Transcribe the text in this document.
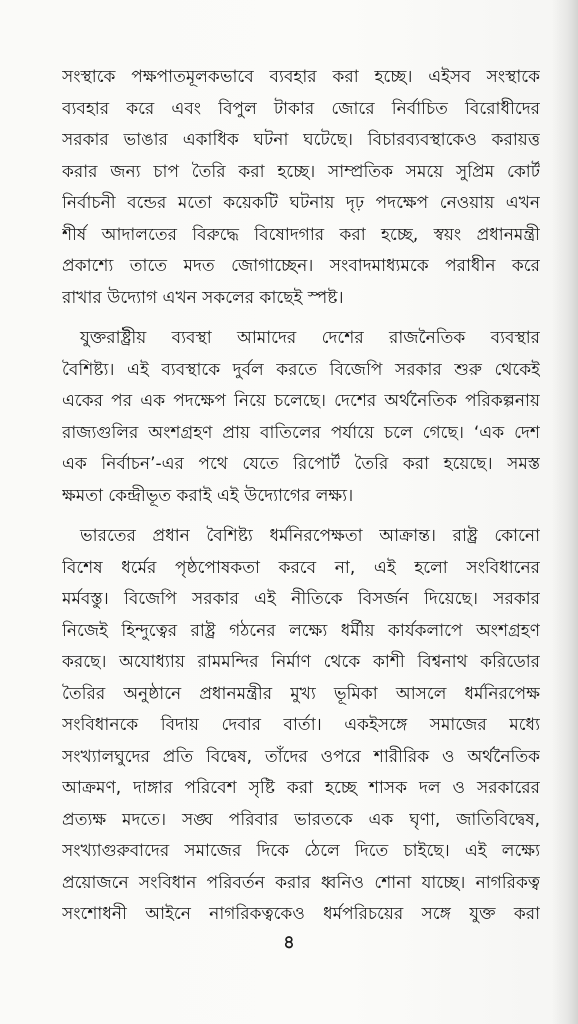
সংস্থাকে পক্ষপাতমূলকভাবে ব্যবহার করা হচ্ছে। এইসব সংস্থাকে
ব্যবহার করে এবং বিপুল টাকার জোরে নির্বাচিত বিরোধীদের
সরকার ভাঙার একাধিক ঘটনা ঘটেছে। বিচারব্যবস্থাকেও করায়ত্ত
করার জন্য চাপ তৈরি করা হচ্ছে। সাম্প্রতিক সময়ে সুপ্রিম কোর্ট
নির্বাচনী বন্ডের মতো কয়েকটি ঘটনায় দৃঢ় পদক্ষেপ নেওয়ায় এখন
শীর্ষ আদালতের বিরুদ্ধে বিষোদগার করা হচ্ছে, স্বয়ং প্রধানমন্ত্রী
প্রকাশ্যে তাতে মদত জোগাচ্ছেন। সংবাদমাধ্যমকে পরাধীন করে
রাখার উদ্যোগ এখন সকলের কাছেই স্পষ্ট।
যুক্তরাষ্ট্রীয় ব্যবস্থা আমাদের দেশের রাজনৈতিক ব্যবস্থার
বৈশিষ্ট্য। এই ব্যবস্থাকে দুর্বল করতে বিজেপি সরকার শুরু থেকেই
একের পর এক পদক্ষেপ নিয়ে চলেছে। দেশের অর্থনৈতিক পরিকল্পনায়
রাজ্যগুলির অংশগ্রহণ প্রায় বাতিলের পর্যায়ে চলে গেছে। ‘এক দেশ
এক নির্বাচন’-এর পথে যেতে রিপোর্ট তৈরি করা হয়েছে। সমস্ত
ক্ষমতা কেন্দ্রীভূত করাই এই উদ্যোগের লক্ষ্য।
ভারতের প্রধান বৈশিষ্ট্য ধর্মনিরপেক্ষতা আক্রান্ত। রাষ্ট্র কোনো
বিশেষ ধর্মের পৃষ্ঠপোষকতা করবে না, এই হলো সংবিধানের
মর্মবস্তু। বিজেপি সরকার এই নীতিকে বিসর্জন দিয়েছে। সরকার
নিজেই হিন্দুত্বের রাষ্ট্র গঠনের লক্ষ্যে ধর্মীয় কার্যকলাপে অংশগ্রহণ
করছে। অযোধ্যায় রামমন্দির নির্মাণ থেকে কাশী বিশ্বনাথ করিডোর
তৈরির অনুষ্ঠানে প্রধানমন্ত্রীর মুখ্য ভূমিকা আসলে ধর্মনিরপেক্ষ
সংবিধানকে বিদায় দেবার বার্তা। একইসঙ্গে সমাজের মধ্যে
সংখ্যালঘুদের প্রতি বিদ্বেষ, তাঁদের ওপরে শারীরিক ও অর্থনৈতিক
আক্রমণ, দাঙ্গার পরিবেশ সৃষ্টি করা হচ্ছে শাসক দল ও সরকারের
প্রত্যক্ষ মদতে। সঙ্ঘ পরিবার ভারতকে এক ঘৃণা, জাতিবিদ্বেষ,
সংখ্যাগুরুবাদের সমাজের দিকে ঠেলে দিতে চাইছে। এই লক্ষ্যে
প্রয়োজনে সংবিধান পরিবর্তন করার ধ্বনিও শোনা যাচ্ছে। নাগরিকত্ব
সংশোধনী আইনে নাগরিকত্বকেও ধর্মপরিচয়ের সঙ্গে যুক্ত করা
৪
